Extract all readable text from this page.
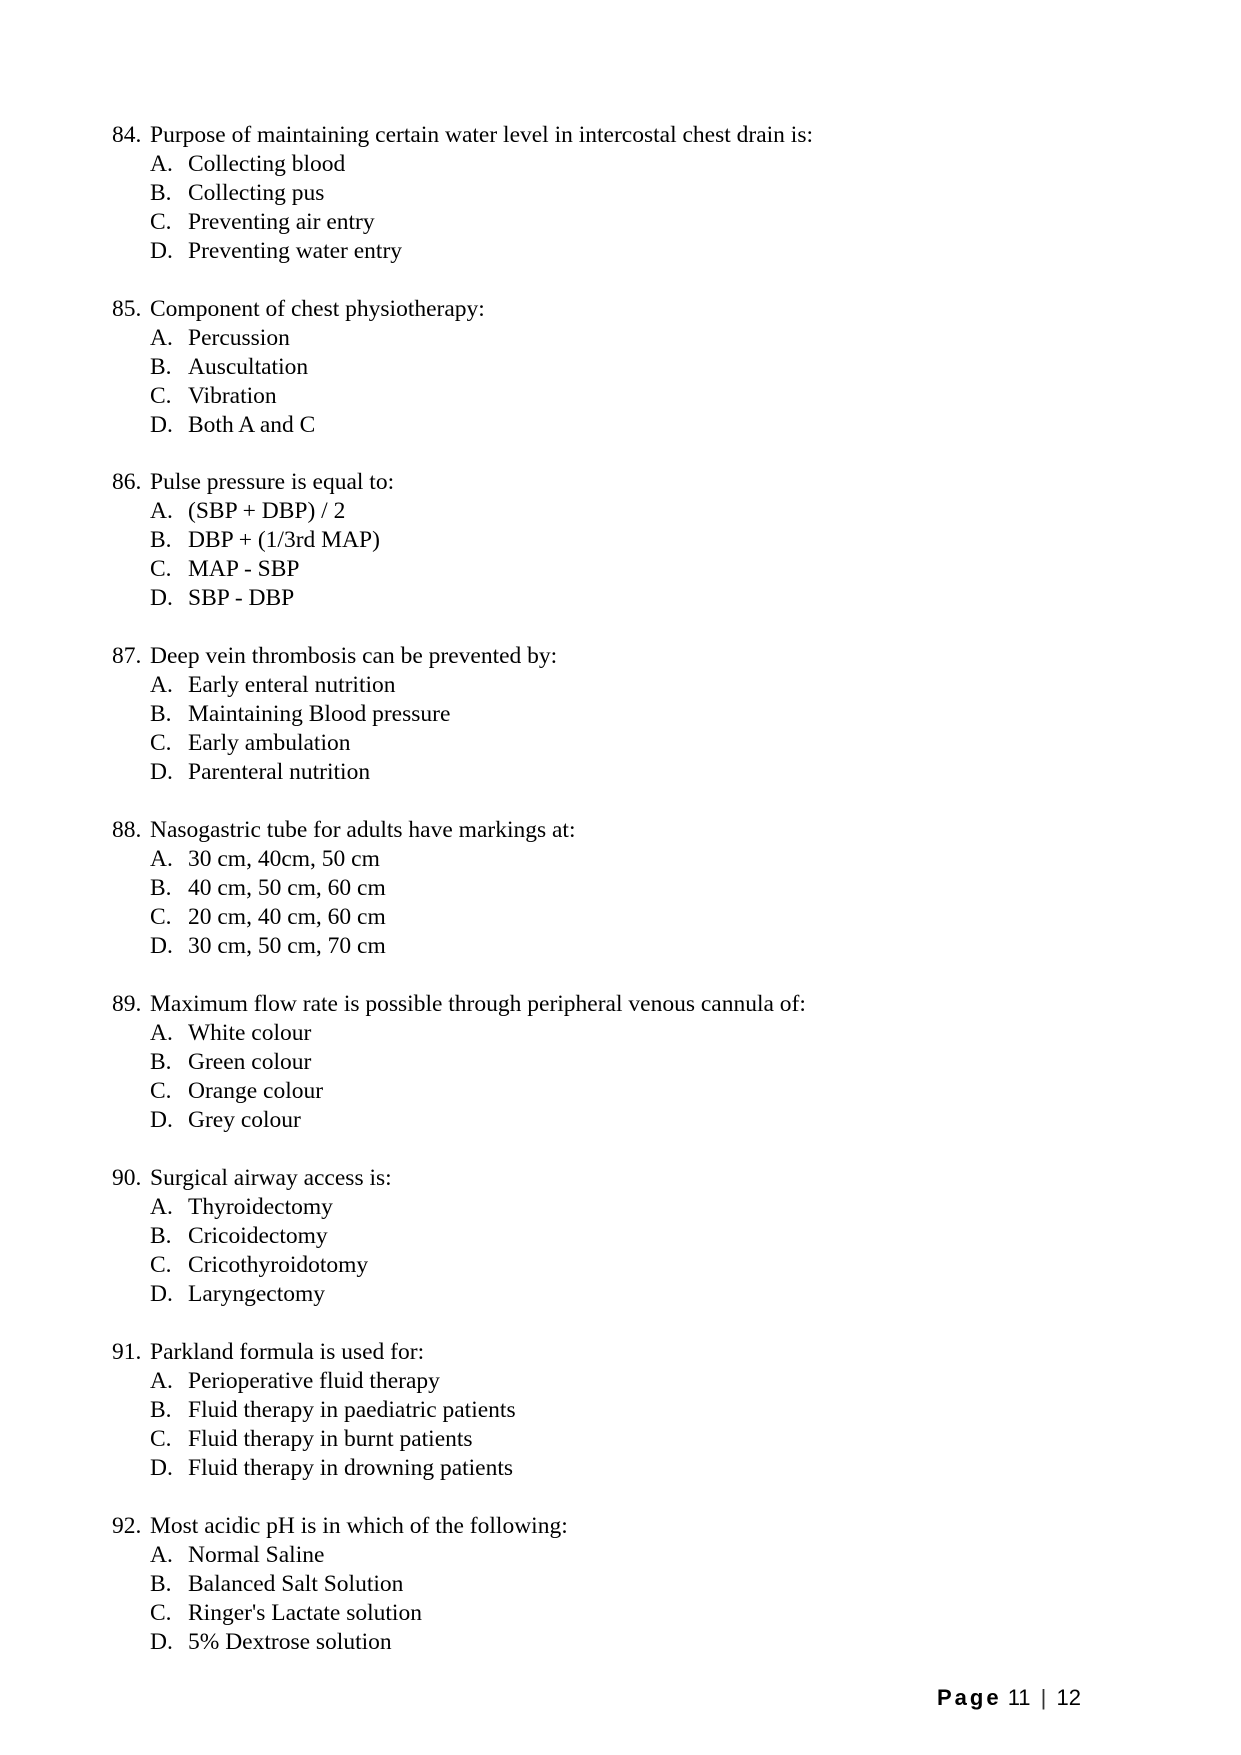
84. Purpose of maintaining certain water level in intercostal chest drain is:
A. Collecting blood
B. Collecting pus
C. Preventing air entry
D. Preventing water entry
85. Component of chest physiotherapy:
A. Percussion
B. Auscultation
C. Vibration
D. Both A and C
86. Pulse pressure is equal to:
A. (SBP + DBP) / 2
B. DBP + (1/3rd MAP)
C. MAP - SBP
D. SBP - DBP
87. Deep vein thrombosis can be prevented by:
A. Early enteral nutrition
B. Maintaining Blood pressure
C. Early ambulation
D. Parenteral nutrition
88. Nasogastric tube for adults have markings at:
A. 30 cm, 40cm, 50 cm
B. 40 cm, 50 cm, 60 cm
C. 20 cm, 40 cm, 60 cm
D. 30 cm, 50 cm, 70 cm
89. Maximum flow rate is possible through peripheral venous cannula of:
A. White colour
B. Green colour
C. Orange colour
D. Grey colour
90. Surgical airway access is:
A. Thyroidectomy
B. Cricoidectomy
C. Cricothyroidotomy
D. Laryngectomy
91. Parkland formula is used for:
A. Perioperative fluid therapy
B. Fluid therapy in paediatric patients
C. Fluid therapy in burnt patients
D. Fluid therapy in drowning patients
92. Most acidic pH is in which of the following:
A. Normal Saline
B. Balanced Salt Solution
C. Ringer's Lactate solution
D. 5% Dextrose solution
Page 11 | 12
